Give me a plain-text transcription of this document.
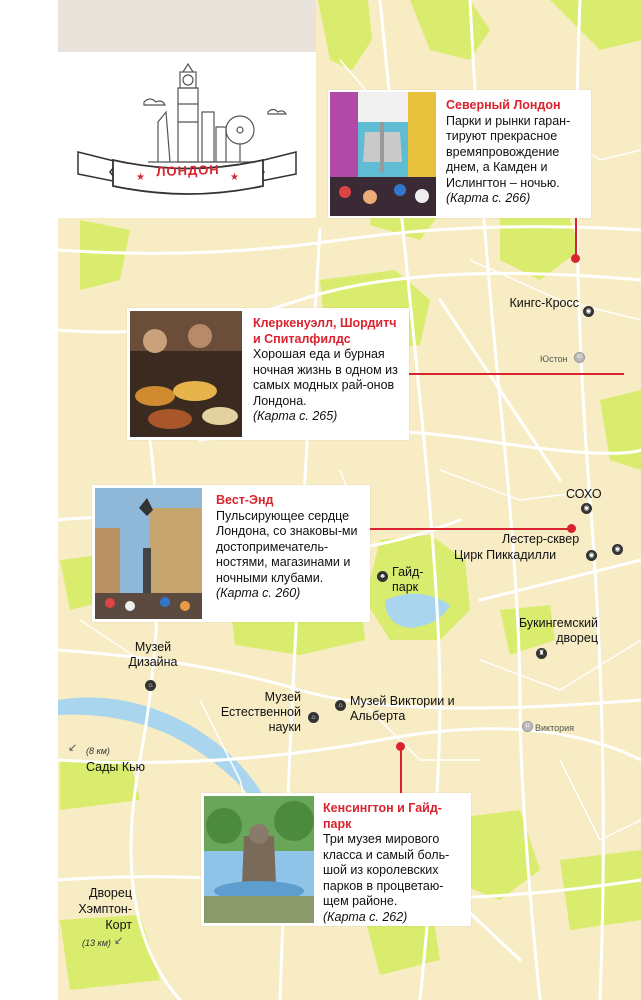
★	★
ЛОНДОН
Северный Лондон
Парки и рынки гаран-тируют прекрасное времяпровождение днем, а Камден и Ислингтон – ночью.
(Карта с. 266)
Клеркенуэлл, Шордитч и Спиталфилдс
Хорошая еда и бурная ночная жизнь в одном из самых модных рай-онов Лондона.
(Карта с. 265)
Вест-Энд
Пульсирующее сердце Лондона, со знаковы-ми достопримечатель-ностями, магазинами и ночными клубами.
(Карта с. 260)
Кенсингтон и Гайд-парк
Три музея мирового класса и самый боль-шой из королевских парков в процветаю-щем районе.
(Карта с. 262)
Кингс-Кросс
◉
Юстон
U
СОХО
◉
Лестер-сквер
Цирк Пиккадилли
◉
◉
♣ Гайд-парк
Букингемский дворец
♜
Музей Дизайна
⌂
Музей Естественной науки
⌂
⌂ Музей Виктории и Альберта
U
Виктория
(8 км)
↙
Сады Кью
Дворец Хэмптон-Корт
(13 км) ↙
